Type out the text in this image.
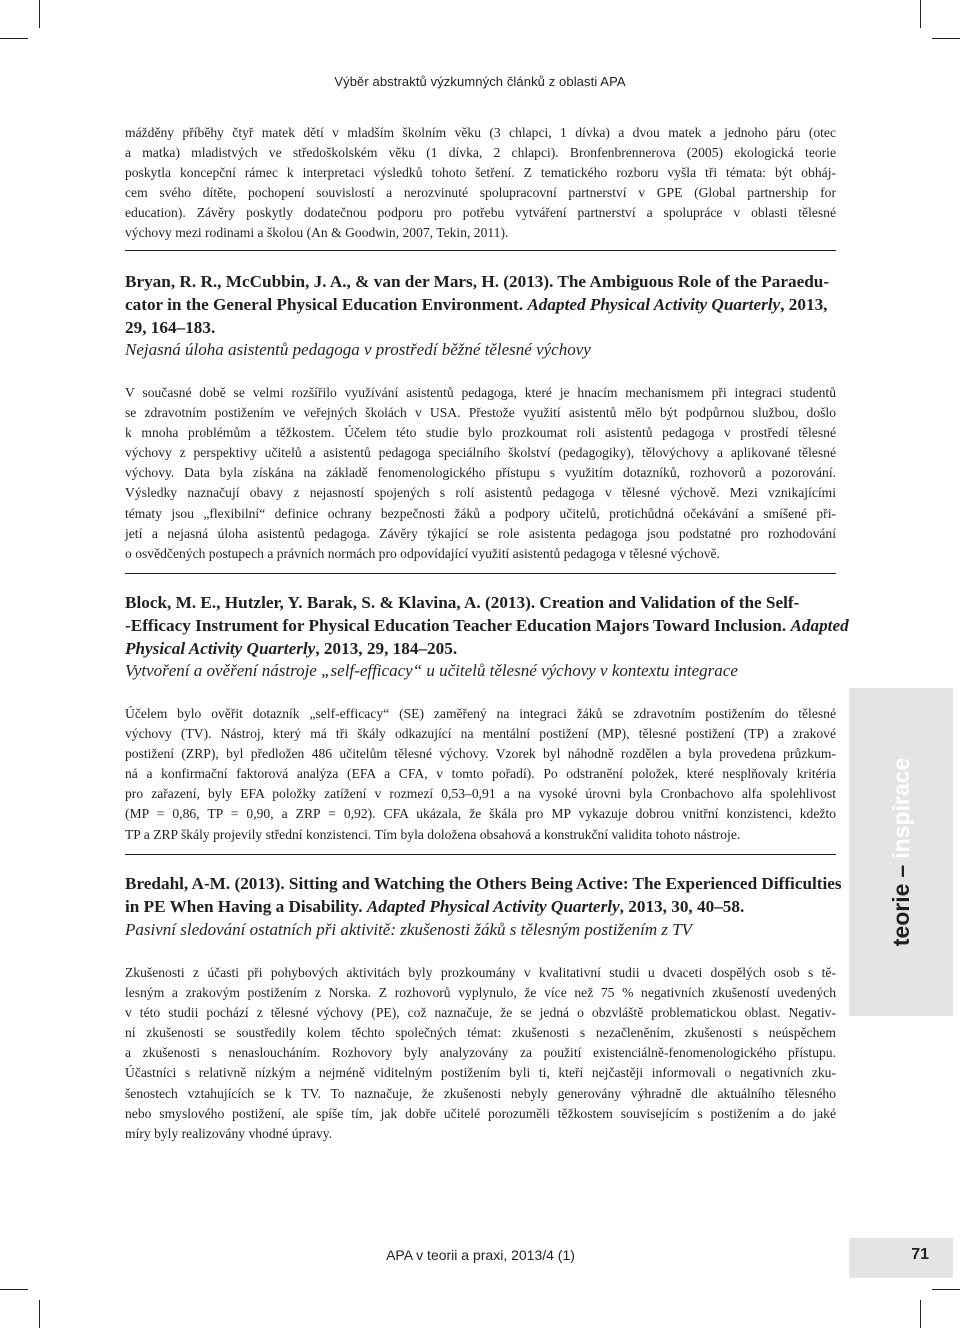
Výběr abstraktů výzkumných článků z oblasti APA

mážděny příběhy čtyř matek dětí v mladším školním věku (3 chlapci, 1 dívka) a dvou matek a jednoho páru (otec
a matka) mladistvých ve středoškolském věku (1 dívka, 2 chlapci). Bronfenbrennerova (2005) ekologická teorie
poskytla koncepční rámec k interpretaci výsledků tohoto šetření. Z tematického rozboru vyšla tři témata: být obháj-
cem svého dítěte, pochopení souvislostí a nerozvinuté spolupracovní partnerství v GPE (Global partnership for
education). Závěry poskytly dodatečnou podporu pro potřebu vytváření partnerství a spolupráce v oblasti tělesné
výchovy mezi rodinami a školou (An & Goodwin, 2007, Tekin, 2011).

Bryan, R. R., McCubbin, J. A., & van der Mars, H. (2013). The Ambiguous Role of the Paraedu-
cator in the General Physical Education Environment. Adapted Physical Activity Quarterly, 2013,
29, 164–183.
Nejasná úloha asistentů pedagoga v prostředí běžné tělesné výchovy

V současné době se velmi rozšířilo využívání asistentů pedagoga, které je hnacím mechanismem při integraci studentů
se zdravotním postižením ve veřejných školách v USA. Přestože využití asistentů mělo být podpůrnou službou, došlo
k mnoha problémům a těžkostem. Účelem této studie bylo prozkoumat roli asistentů pedagoga v prostředí tělesné
výchovy z perspektivy učitelů a asistentů pedagoga speciálního školství (pedagogiky), tělovýchovy a aplikované tělesné
výchovy. Data byla získána na základě fenomenologického přístupu s využitím dotazníků, rozhovorů a pozorování.
Výsledky naznačují obavy z nejasností spojených s rolí asistentů pedagoga v tělesné výchově. Mezi vznikajícími
tématy jsou „flexibilní“ definice ochrany bezpečnosti žáků a podpory učitelů, protichůdná očekávání a smíšené při-
jetí a nejasná úloha asistentů pedagoga. Závěry týkající se role asistenta pedagoga jsou podstatné pro rozhodování
o osvědčených postupech a právních normách pro odpovídající využití asistentů pedagoga v tělesné výchově.

Block, M. E., Hutzler, Y. Barak, S. & Klavina, A. (2013). Creation and Validation of the Self-
-Efficacy Instrument for Physical Education Teacher Education Majors Toward Inclusion. Adapted
Physical Activity Quarterly, 2013, 29, 184–205.
Vytvoření a ověření nástroje „self-efficacy“ u učitelů tělesné výchovy v kontextu integrace

Účelem bylo ověřit dotazník „self-efficacy“ (SE) zaměřený na integraci žáků se zdravotním postižením do tělesné
výchovy (TV). Nástroj, který má tři škály odkazující na mentální postižení (MP), tělesné postižení (TP) a zrakové
postižení (ZRP), byl předložen 486 učitelům tělesné výchovy. Vzorek byl náhodně rozdělen a byla provedena průzkum-
ná a konfirmační faktorová analýza (EFA a CFA, v tomto pořadí). Po odstranění položek, které nesplňovaly kritéria
pro zařazení, byly EFA položky zatížení v rozmezí 0,53–0,91 a na vysoké úrovni byla Cronbachovo alfa spolehlivost
(MP = 0,86, TP = 0,90, a ZRP = 0,92). CFA ukázala, že škála pro MP vykazuje dobrou vnitřní konzistenci, kdežto
TP a ZRP škály projevily střední konzistenci. Tím byla doložena obsahová a konstrukční validita tohoto nástroje.

Bredahl, A-M. (2013). Sitting and Watching the Others Being Active: The Experienced Difficulties
in PE When Having a Disability. Adapted Physical Activity Quarterly, 2013, 30, 40–58.
Pasivní sledování ostatních při aktivitě: zkušenosti žáků s tělesným postižením z TV

Zkušenosti z účasti při pohybových aktivitách byly prozkoumány v kvalitativní studii u dvaceti dospělých osob s tě-
lesným a zrakovým postižením z Norska. Z rozhovorů vyplynulo, že více než 75 % negativních zkušeností uvedených
v této studii pochází z tělesné výchovy (PE), což naznačuje, že se jedná o obzvláště problematickou oblast. Negativ-
ní zkušenosti se soustředily kolem těchto společných témat: zkušenosti s nezačleněním, zkušenosti s neúspěchem
a zkušenosti s nenasloucháním. Rozhovory byly analyzovány za použití existenciálně-fenomenologického přístupu.
Účastníci s relativně nízkým a nejméně viditelným postižením byli ti, kteří nejčastěji informovali o negativních zku-
šenostech vztahujících se k TV. To naznačuje, že zkušenosti nebyly generovány výhradně dle aktuálního tělesného
nebo smyslového postižení, ale spíše tím, jak dobře učitelé porozuměli těžkostem souvisejícím s postižením a do jaké
míry byly realizovány vhodné úpravy.

teorie
–
inspirace
APA v teorii a praxi, 2013/4 (1)	71
